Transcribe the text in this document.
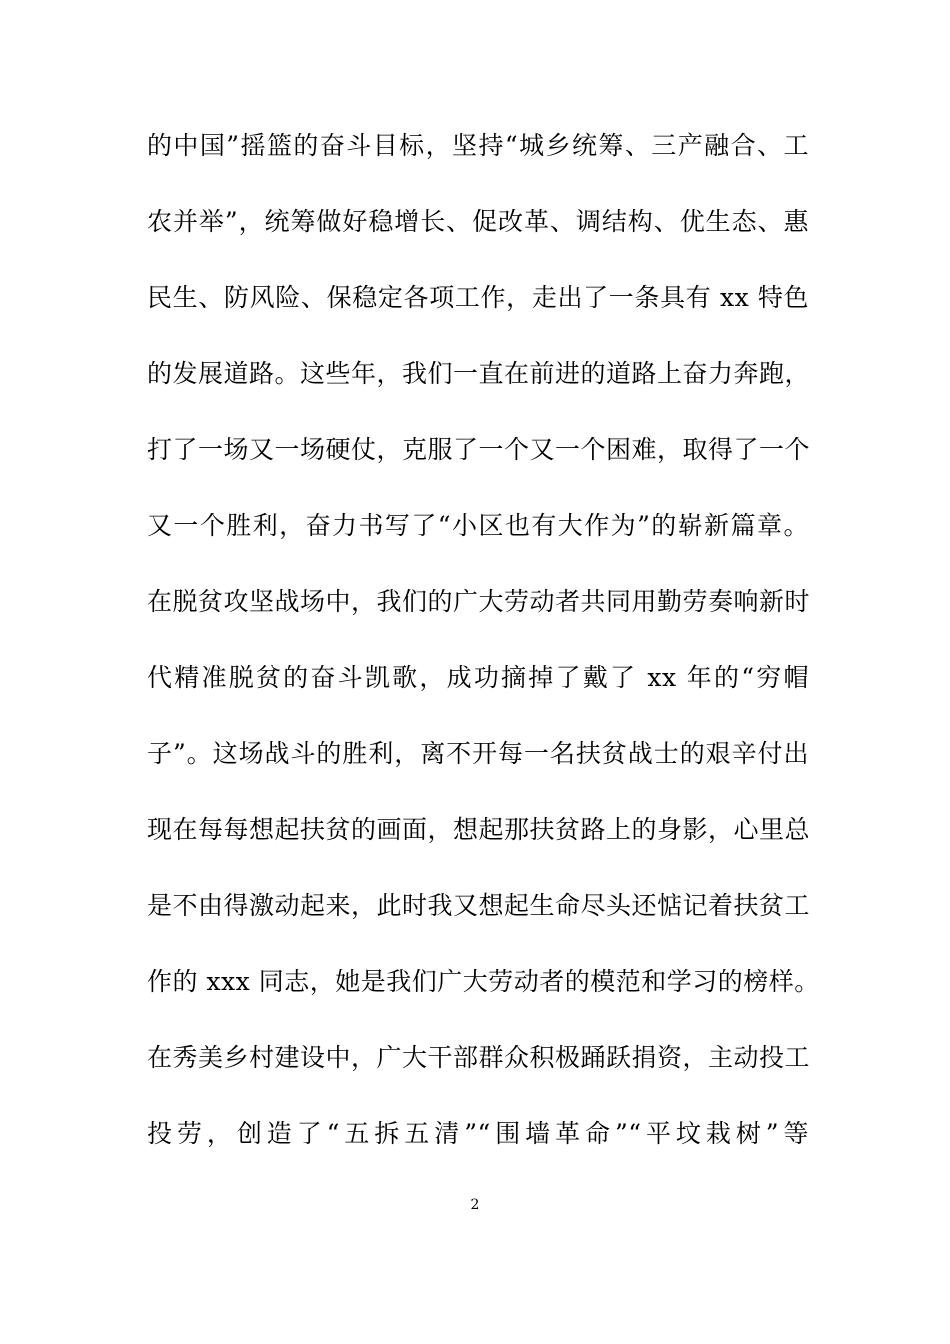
的中国”摇篮的奋斗目标，坚持“城乡统筹、三产融合、工
农并举”，统筹做好稳增长、促改革、调结构、优生态、惠
民生、防风险、保稳定各项工作，走出了一条具有 xx 特色
的发展道路。这些年，我们一直在前进的道路上奋力奔跑，
打了一场又一场硬仗，克服了一个又一个困难，取得了一个
又一个胜利，奋力书写了“小区也有大作为”的崭新篇章。
在脱贫攻坚战场中，我们的广大劳动者共同用勤劳奏响新时
代精准脱贫的奋斗凯歌，成功摘掉了戴了 xx 年的“穷帽
子”。这场战斗的胜利，离不开每一名扶贫战士的艰辛付出
现在每每想起扶贫的画面，想起那扶贫路上的身影，心里总
是不由得激动起来，此时我又想起生命尽头还惦记着扶贫工
作的 xxx 同志，她是我们广大劳动者的模范和学习的榜样。
在秀美乡村建设中，广大干部群众积极踊跃捐资，主动投工
投劳，创造了“五拆五清”“围墙革命”“平坟栽树”等
2
